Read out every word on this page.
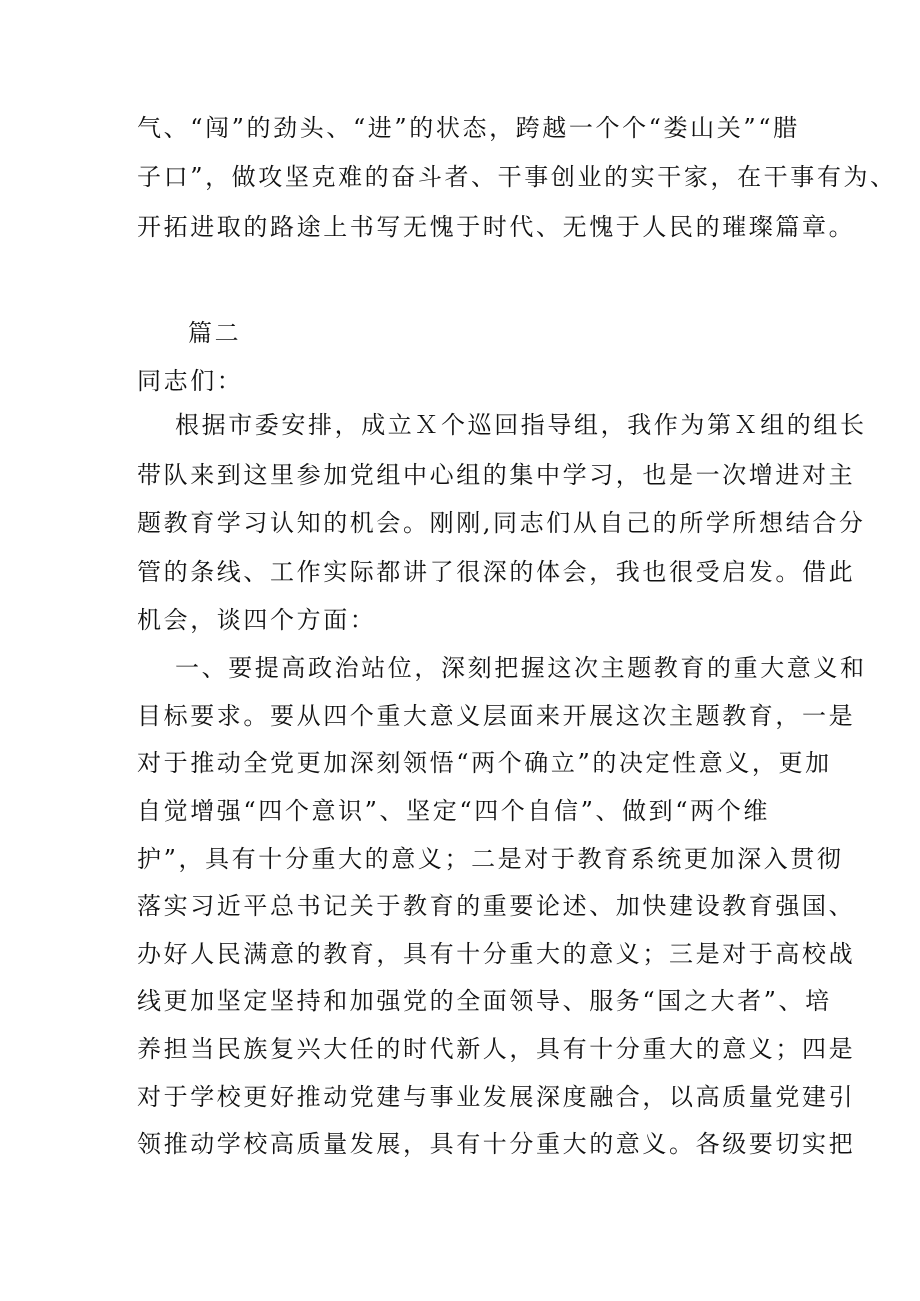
气、“闯”的劲头、“进”的状态，跨越一个个“娄山关”“腊
子口”，做攻坚克难的奋斗者、干事创业的实干家，在干事有为、
开拓进取的路途上书写无愧于时代、无愧于人民的璀璨篇章。
篇二
同志们：
根据市委安排，成立Ｘ个巡回指导组，我作为第Ｘ组的组长
带队来到这里参加党组中心组的集中学习，也是一次增进对主
题教育学习认知的机会。刚刚,同志们从自己的所学所想结合分
管的条线、工作实际都讲了很深的体会，我也很受启发。借此
机会，谈四个方面：
一、要提高政治站位，深刻把握这次主题教育的重大意义和
目标要求。要从四个重大意义层面来开展这次主题教育，一是
对于推动全党更加深刻领悟“两个确立”的决定性意义，更加
自觉增强“四个意识”、坚定“四个自信”、做到“两个维
护”，具有十分重大的意义；二是对于教育系统更加深入贯彻
落实习近平总书记关于教育的重要论述、加快建设教育强国、
办好人民满意的教育，具有十分重大的意义；三是对于高校战
线更加坚定坚持和加强党的全面领导、服务“国之大者”、培
养担当民族复兴大任的时代新人，具有十分重大的意义；四是
对于学校更好推动党建与事业发展深度融合，以高质量党建引
领推动学校高质量发展，具有十分重大的意义。各级要切实把
